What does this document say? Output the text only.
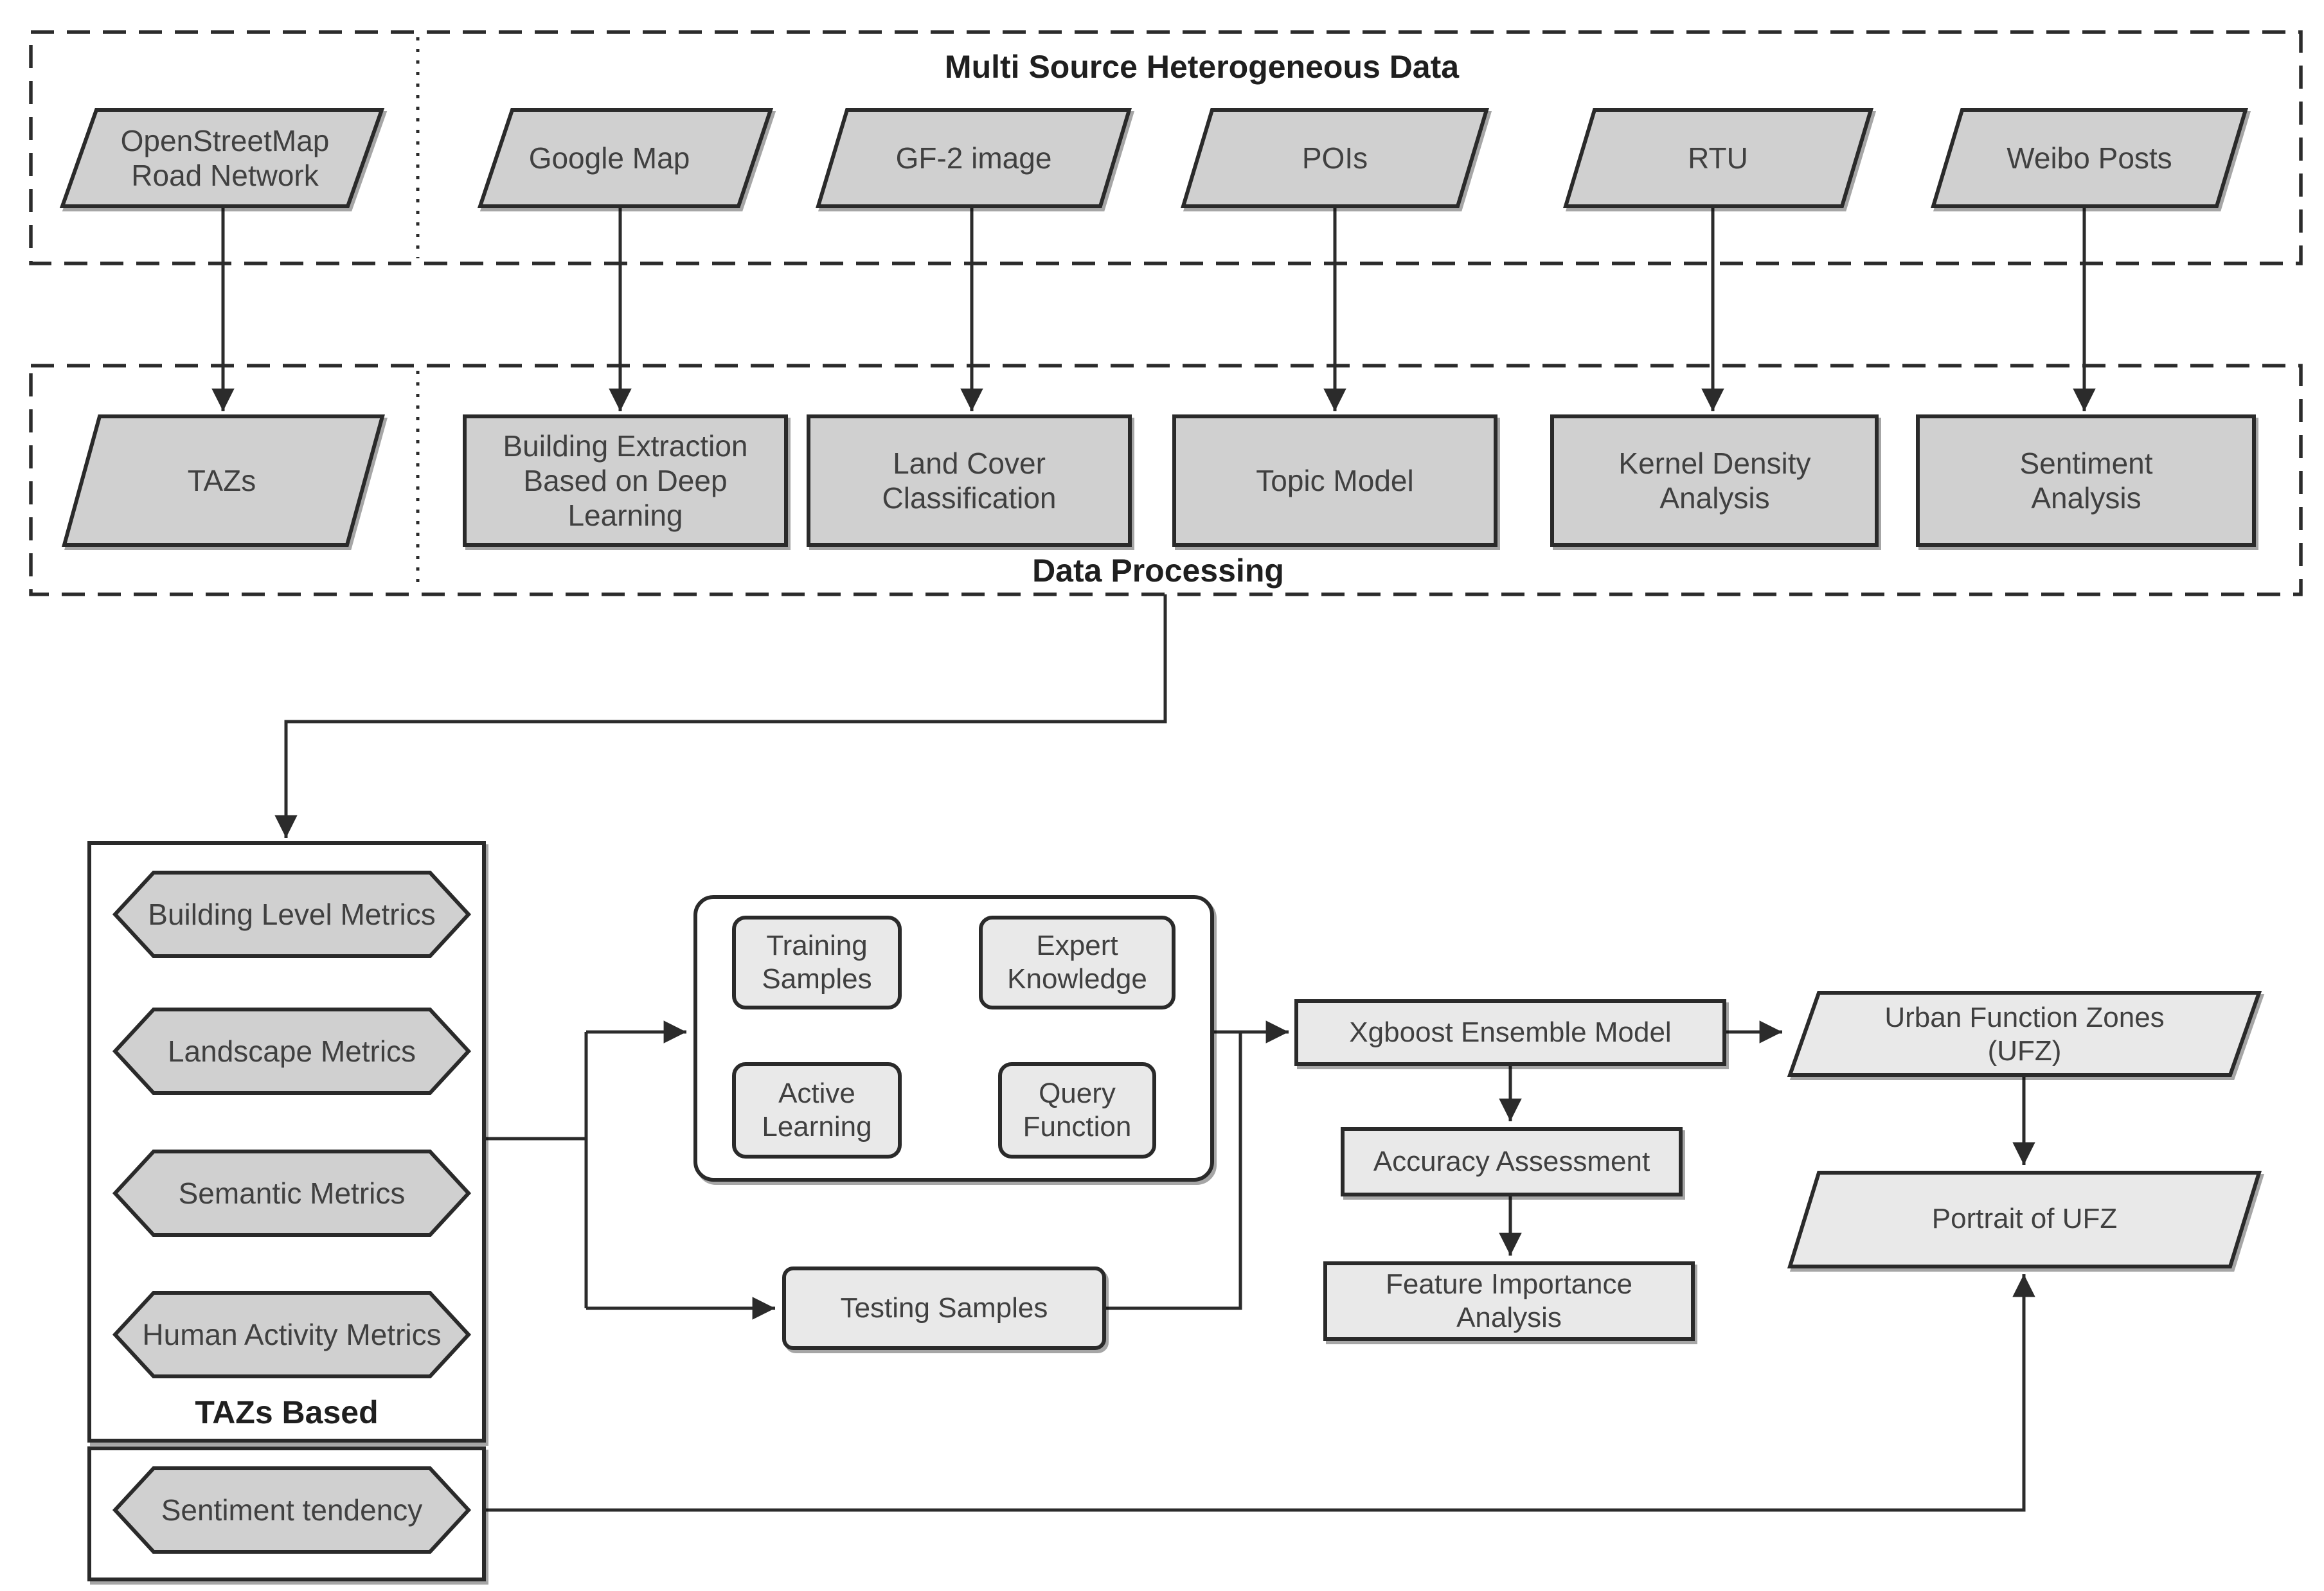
Multi Source Heterogeneous Data
OpenStreetMap Road Network
Google Map	GF-2 image	POIs	RTU	Weibo Posts
TAZs
Building Extraction Based on Deep Learning
Land Cover Classification
Topic Model
Kernel Density Analysis
Sentiment Analysis
Data Processing
Building Level Metrics
Landscape Metrics
Semantic Metrics
Human Activity Metrics
TAZs Based
Sentiment tendency
Training Samples
Expert Knowledge
Active Learning
Query Function
Testing Samples
Xgboost Ensemble Model
Accuracy Assessment
Feature Importance Analysis
Urban Function Zones (UFZ)
Portrait of UFZ
